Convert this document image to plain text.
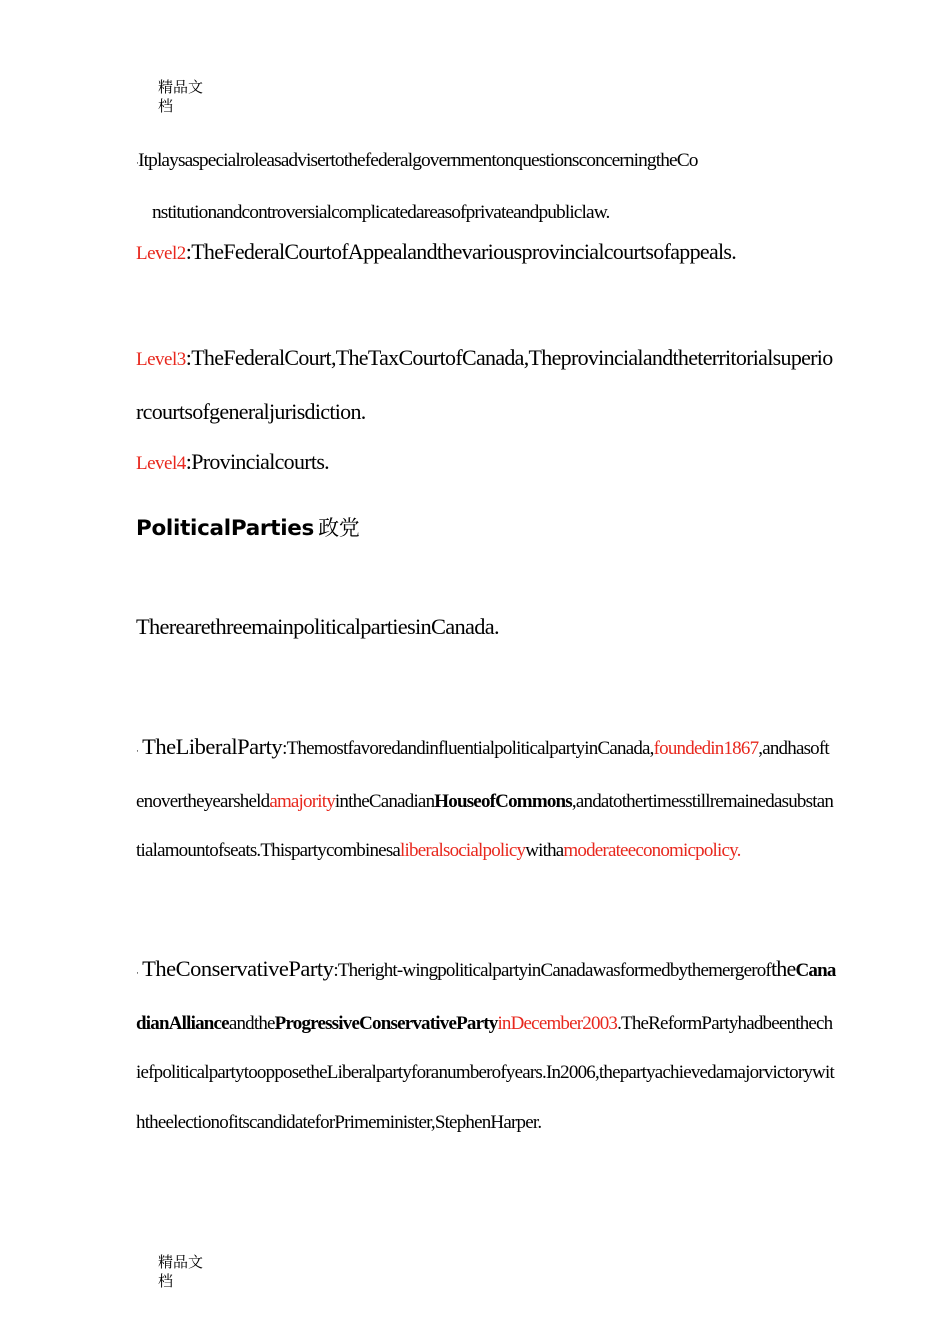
精品文
档
·ItplaysaspecialroleasadvisertothefederalgovernmentonquestionsconcerningtheCo
nstitutionandcontroversialcomplicatedareasofprivateandpubliclaw.
Level2:TheFederalCourtofAppealandthevariousprovincialcourtsofappeals.
Level3:TheFederalCourt,TheTaxCourtofCanada,Theprovincialandtheterritorialsuperiorcourtsofgeneraljurisdiction.
Level4:Provincialcourts.
PoliticalParties 政党
TherearethreemainpoliticalpartiesinCanada.
· TheLiberalParty:ThemostfavoredandinfluentialpoliticalpartyinCanada,foundedin1867,andhasoftenovertheyearsheldamajorityintheCanadianHouseofCommons,andatothertimesstillremainedasubstantialamountofseats.Thispartycombinesaliberalsocialpolicywithamoderateeconomicpolicy.
· TheConservativeParty:Theright-wingpoliticalpartyinCanadawasformedbythemergeroftheCanadianAllianceandtheProgressiveConservativePartyinDecember2003.TheReformPartyhadbeenthechiefpoliticalpartytoopposetheLiberalpartyforanumberofyears.In2006,thepartyachievedamajorvictorywiththeelectionofitscandidateforPrimeminister,StephenHarper.
精品文
档
